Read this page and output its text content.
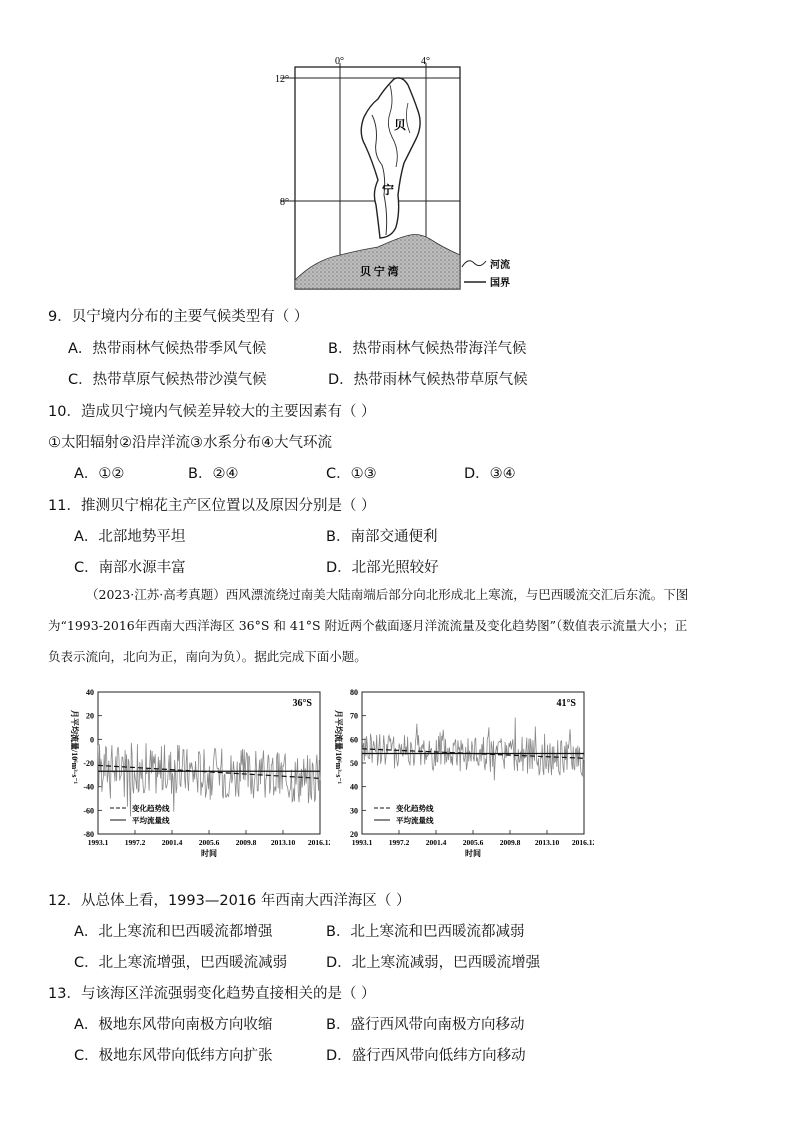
0°	4°
12°
8°
贝
宁
贝 宁 湾
河流
国界
9．贝宁境内分布的主要气候类型有（ ）
A．热带雨林气候热带季风气候	B．热带雨林气候热带海洋气候
C．热带草原气候热带沙漠气候	D．热带雨林气候热带草原气候
10．造成贝宁境内气候差异较大的主要因素有（ ）
①太阳辐射②沿岸洋流③水系分布④大气环流
A．①②	B．②④	C．①③	D．③④
11．推测贝宁棉花主产区位置以及原因分别是（ ）
A．北部地势平坦	B．南部交通便利
C．南部水源丰富	D．北部光照较好
（2023·江苏·高考真题）西风漂流绕过南美大陆南端后部分向北形成北上寒流，与巴西暖流交汇后东流。下图
为“1993-2016年西南大西洋海区 36°S 和 41°S 附近两个截面逐月洋流流量及变化趋势图”（数值表示流量大小；正
负表示流向，北向为正，南向为负）。据此完成下面小题。
40
20
0
-20
-40
-60
-80
1993.1 1997.2 2001.4 2005.6 2009.8 2013.10 2016.12
时间
月平均流量/10⁶m³·s⁻¹
36°S
变化趋势线
平均流量线
80
70
60
50
40
30
20
1993.1 1997.2 2001.4 2005.6 2009.8 2013.10 2016.12
时间
月平均流量/10⁶m³·s⁻¹
41°S
变化趋势线
平均流量线
12．从总体上看，1993—2016 年西南大西洋海区（ ）
A．北上寒流和巴西暖流都增强	B．北上寒流和巴西暖流都减弱
C．北上寒流增强，巴西暖流减弱	D．北上寒流减弱，巴西暖流增强
13．与该海区洋流强弱变化趋势直接相关的是（ ）
A．极地东风带向南极方向收缩	B．盛行西风带向南极方向移动
C．极地东风带向低纬方向扩张	D．盛行西风带向低纬方向移动
